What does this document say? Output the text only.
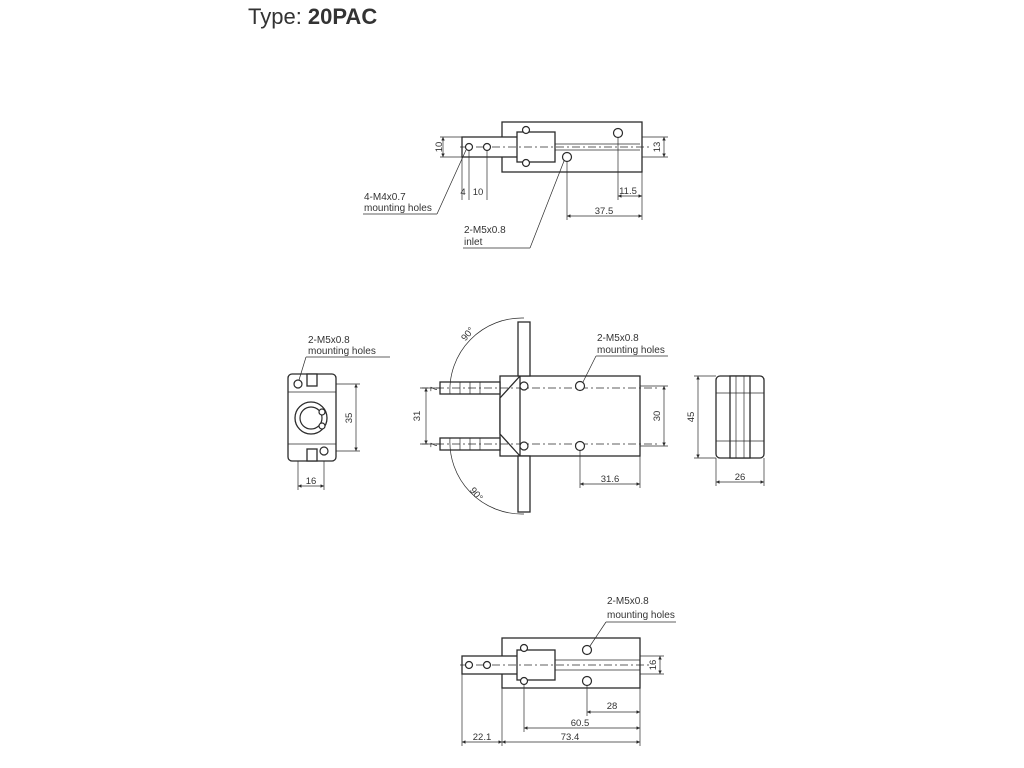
Type: 20PAC
10	13
4 10	11.5
37.5
4-M4x0.7
mounting holes
2-M5x0.8
inlet
35
16
2-M5x0.8
mounting holes
90°
90°
31
7
7
30
31.6
2-M5x0.8
mounting holes
45
26
16
28
60.5
22.1	73.4
2-M5x0.8
mounting holes
